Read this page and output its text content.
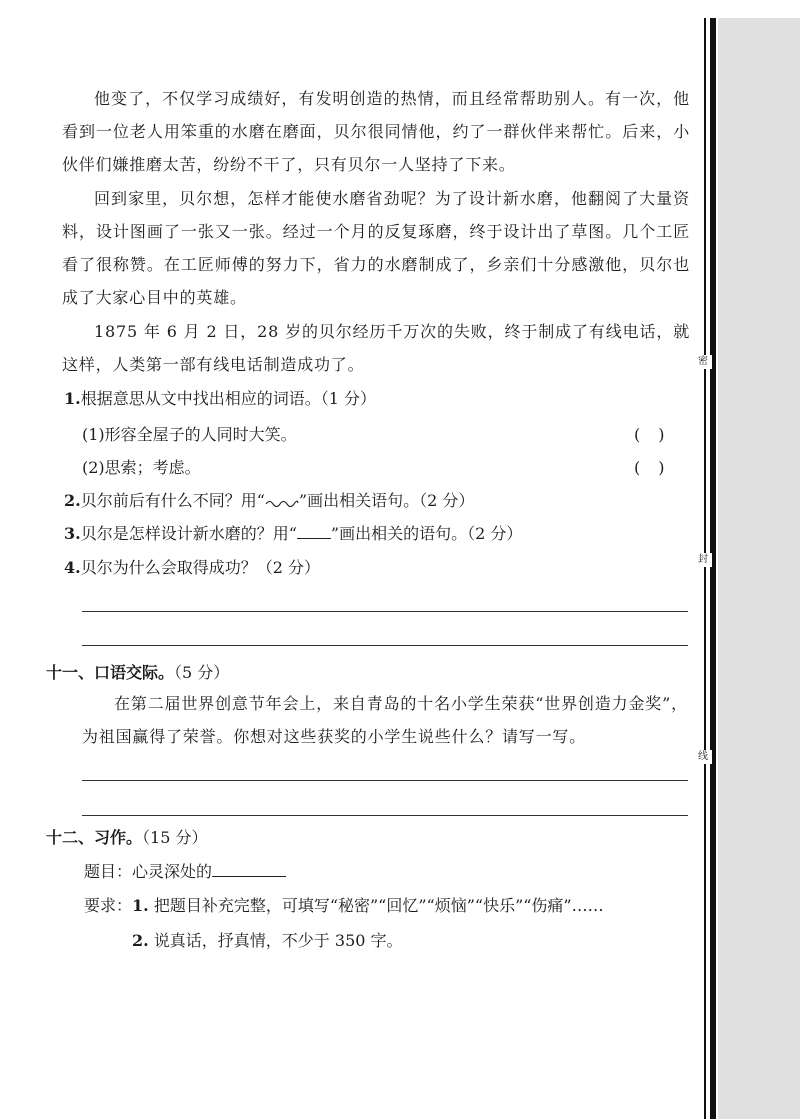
他变了，不仅学习成绩好，有发明创造的热情，而且经常帮助别人。有一次，他看到一位老人用笨重的水磨在磨面，贝尔很同情他，约了一群伙伴来帮忙。后来，小伙伴们嫌推磨太苦，纷纷不干了，只有贝尔一人坚持了下来。

回到家里，贝尔想，怎样才能使水磨省劲呢？为了设计新水磨，他翻阅了大量资料，设计图画了一张又一张。经过一个月的反复琢磨，终于设计出了草图。几个工匠看了很称赞。在工匠师傅的努力下，省力的水磨制成了，乡亲们十分感激他，贝尔也成了大家心目中的英雄。

1875 年 6 月 2 日，28 岁的贝尔经历千万次的失败，终于制成了有线电话，就这样，人类第一部有线电话制造成功了。

1.根据意思从文中找出相应的词语。（1 分）
(1)形容全屋子的人同时大笑。	()
(2)思索；考虑。	()
2.贝尔前后有什么不同？用“ ”画出相关语句。（2 分）
3.贝尔是怎样设计新水磨的？用“ ”画出相关的语句。（2 分）
4.贝尔为什么会取得成功？（2 分）
十一、口语交际。（5 分）

在第二届世界创意节年会上，来自青岛的十名小学生荣获“世界创造力金奖”，为祖国赢得了荣誉。你想对这些获奖的小学生说些什么？请写一写。

十二、习作。（15 分）
题目：心灵深处的
要求：1. 把题目补充完整，可填写“秘密”“回忆”“烦恼”“快乐”“伤痛”……
2. 说真话，抒真情，不少于 350 字。
密
封
线
